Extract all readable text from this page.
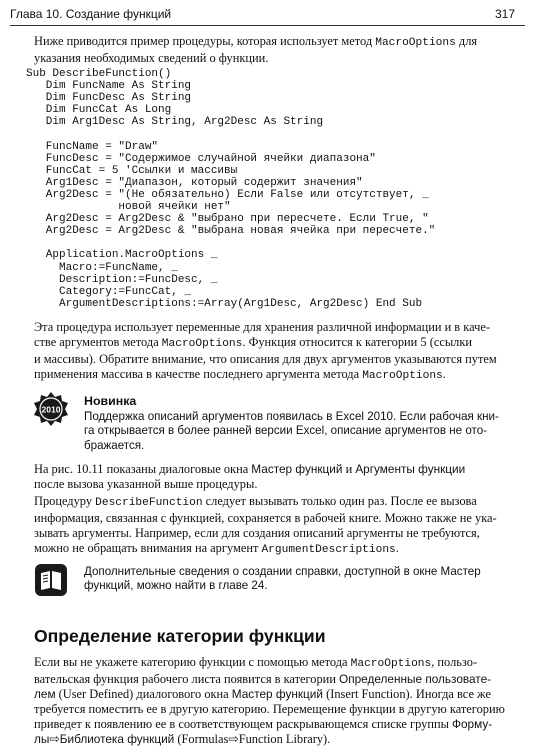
Глава 10. Создание функций	317
Ниже приводится пример процедуры, которая использует метод MacroOptions для
указания необходимых сведений о функции.
Sub DescribeFunction()
Dim FuncName As String
Dim FuncDesc As String
Dim FuncCat As Long
Dim Arg1Desc As String, Arg2Desc As String
FuncName = "Draw"
FuncDesc = "Содержимое случайной ячейки диапазона"
FuncCat = 5 'Ссылки и массивы
Arg1Desc = "Диапазон, который содержит значения"
Arg2Desc = "(Не обязательно) Если False или отсутствует, _
новой ячейки нет"
Arg2Desc = Arg2Desc & "выбрано при пересчете. Если True, "
Arg2Desc = Arg2Desc & "выбрана новая ячейка при пересчете."
Application.MacroOptions _
Macro:=FuncName, _
Description:=FuncDesc, _
Category:=FuncCat, _
ArgumentDescriptions:=Array(Arg1Desc, Arg2Desc) End Sub
Эта процедура использует переменные для хранения различной информации и в каче-
стве аргументов метода MacroOptions. Функция относится к категории 5 (ссылки
и массивы). Обратите внимание, что описания для двух аргументов указываются путем
применения массива в качестве последнего аргумента метода MacroOptions.
2010
Новинка
Поддержка описаний аргументов появилась в Excel 2010. Если рабочая кни-
га открывается в более ранней версии Excel, описание аргументов не ото-
бражается.
На рис. 10.11 показаны диалоговые окна Мастер функций и Аргументы функции
после вызова указанной выше процедуры.
Процедуру DescribeFunction следует вызывать только один раз. После ее вызова
информация, связанная с функцией, сохраняется в рабочей книге. Можно также не ука-
зывать аргументы. Например, если для создания описаний аргументы не требуются,
можно не обращать внимания на аргумент ArgumentDescriptions.
Дополнительные сведения о создании справки, доступной в окне Мастер
функций, можно найти в главе 24.
Определение категории функции
Если вы не укажете категорию функции с помощью метода MacroOptions, пользо-
вательская функция рабочего листа появится в категории Определенные пользовате-
лем (User Defined) диалогового окна Мастер функций (Insert Function). Иногда все же
требуется поместить ее в другую категорию. Перемещение функции в другую категорию
приведет к появлению ее в соответствующем раскрывающемся списке группы Форму-
лы⇨Библиотека функций (Formulas⇨Function Library).
